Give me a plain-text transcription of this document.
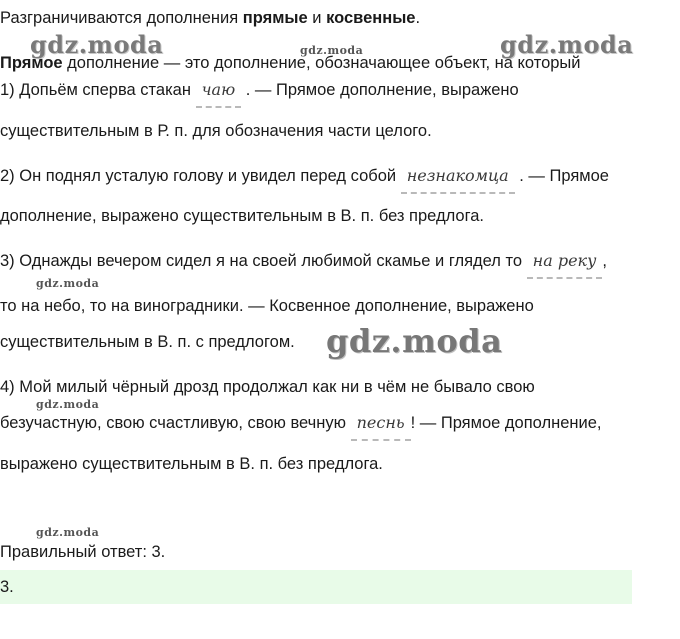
Разграничиваются дополнения прямые и косвенные.
gdz.moda	gdz.moda	gdz.moda
Прямое дополнение — это дополнение, обозначающее объект, на который
1) Допьём сперва стакан чаю . — Прямое дополнение, выражено
существительным в Р. п. для обозначения части целого.
2) Он поднял усталую голову и увидел перед собой незнакомца . — Прямое
дополнение, выражено существительным в В. п. без предлога.
3) Однажды вечером сидел я на своей любимой скамье и глядел то на реку ,
gdz.moda
то на небо, то на виноградники. — Косвенное дополнение, выражено
существительным в В. п. с предлогом. gdz.moda
4) Мой милый чёрный дрозд продолжал как ни в чём не бывало свою
gdz.moda
безучастную, свою счастливую, свою вечную песнь ! — Прямое дополнение,
выражено существительным в В. п. без предлога.
gdz.moda
Правильный ответ: 3.
3.
